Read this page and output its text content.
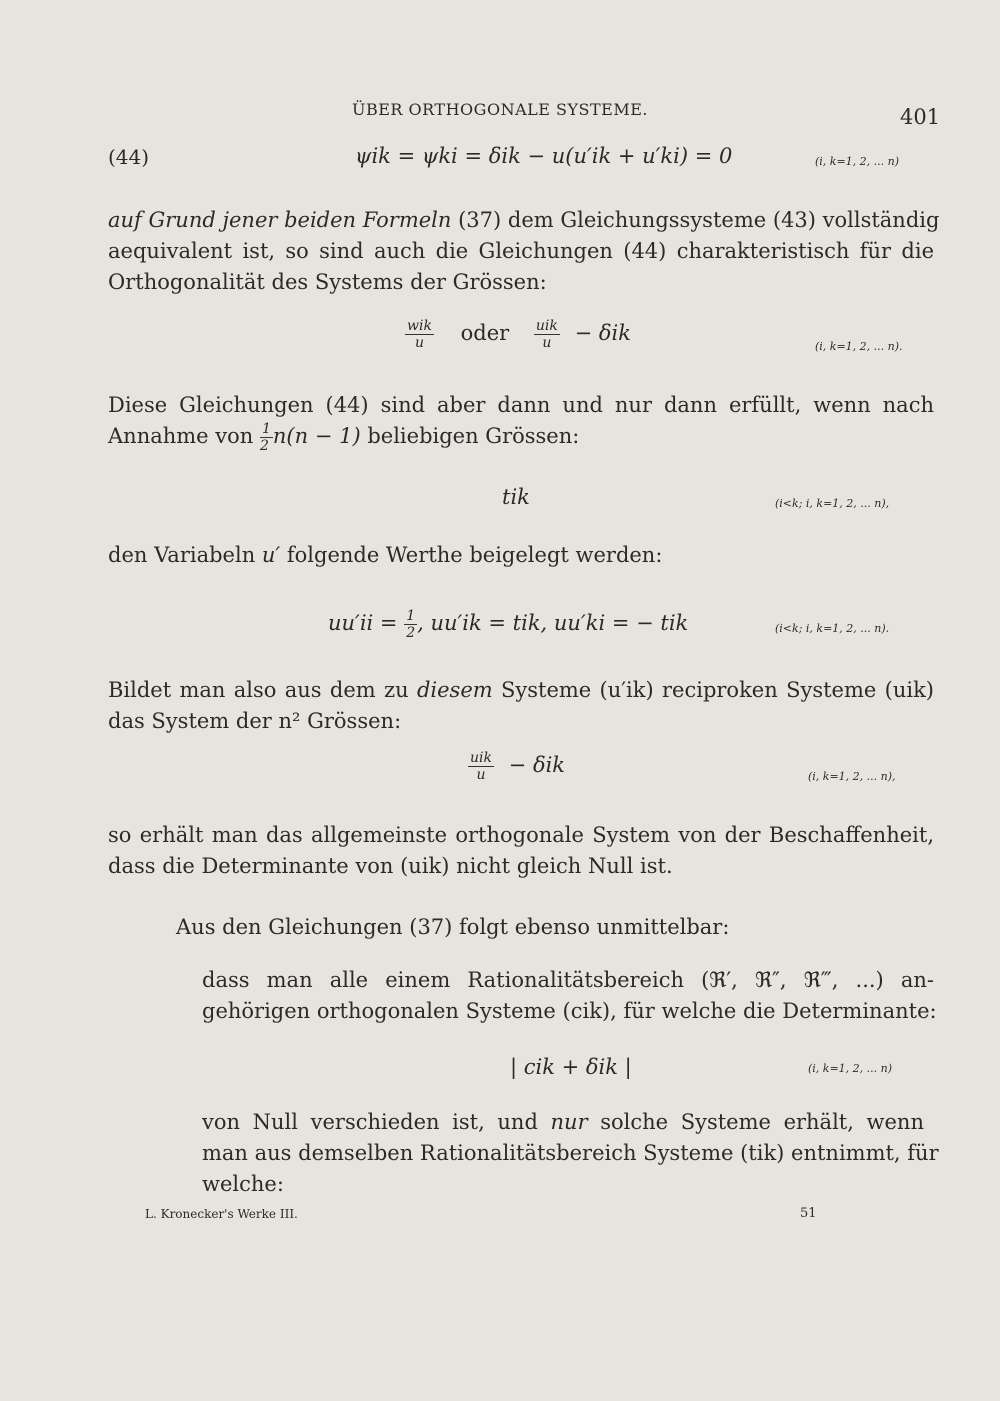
ÜBER ORTHOGONALE SYSTEME.	401
(44)	ψik = ψki = δik − u(u′ik + u′ki) = 0	(i, k=1, 2, ... n)
auf Grund jener beiden Formeln (37) dem Gleichungssysteme (43) vollständig
aequivalent ist, so sind auch die Gleichungen (44) charakteristisch für die
Orthogonalität des Systems der Grössen:
$\frac{\text{wik}}{u}$ oder $\frac{\text{uik}}{u} - \delta ik$
(i, k=1, 2, ... n).
Diese Gleichungen (44) sind aber dann und nur dann erfüllt, wenn nach
Annahme von $\frac{1}{2} n(n - 1)$ beliebigen Grössen:
tik	(i<k; i, k=1, 2, ... n),
den Variabeln u′ folgende Werthe beigelegt werden:
$uu'ii = \frac{1}{2}$ , uu′ik = tik, uu′ki = − tik	(i<k; i, k=1, 2, ... n).
Bildet man also aus dem zu diesem Systeme (u′ik) reciproken Systeme (uik)
das System der n² Grössen:
$\frac{\text{uik}}{u} - \delta ik$	(i, k=1, 2, ... n),
so erhält man das allgemeinste orthogonale System von der Beschaffenheit,
dass die Determinante von (uik) nicht gleich Null ist.
Aus den Gleichungen (37) folgt ebenso unmittelbar:
dass man alle einem Rationalitätsbereich (ℜ′, ℜ″, ℜ‴, ...) an-
gehörigen orthogonalen Systeme (cik), für welche die Determinante:
| cik + δik |	(i, k=1, 2, ... n)
von Null verschieden ist, und nur solche Systeme erhält, wenn
man aus demselben Rationalitätsbereich Systeme (tik) entnimmt, für
welche:
L. Kronecker's Werke III.	51
